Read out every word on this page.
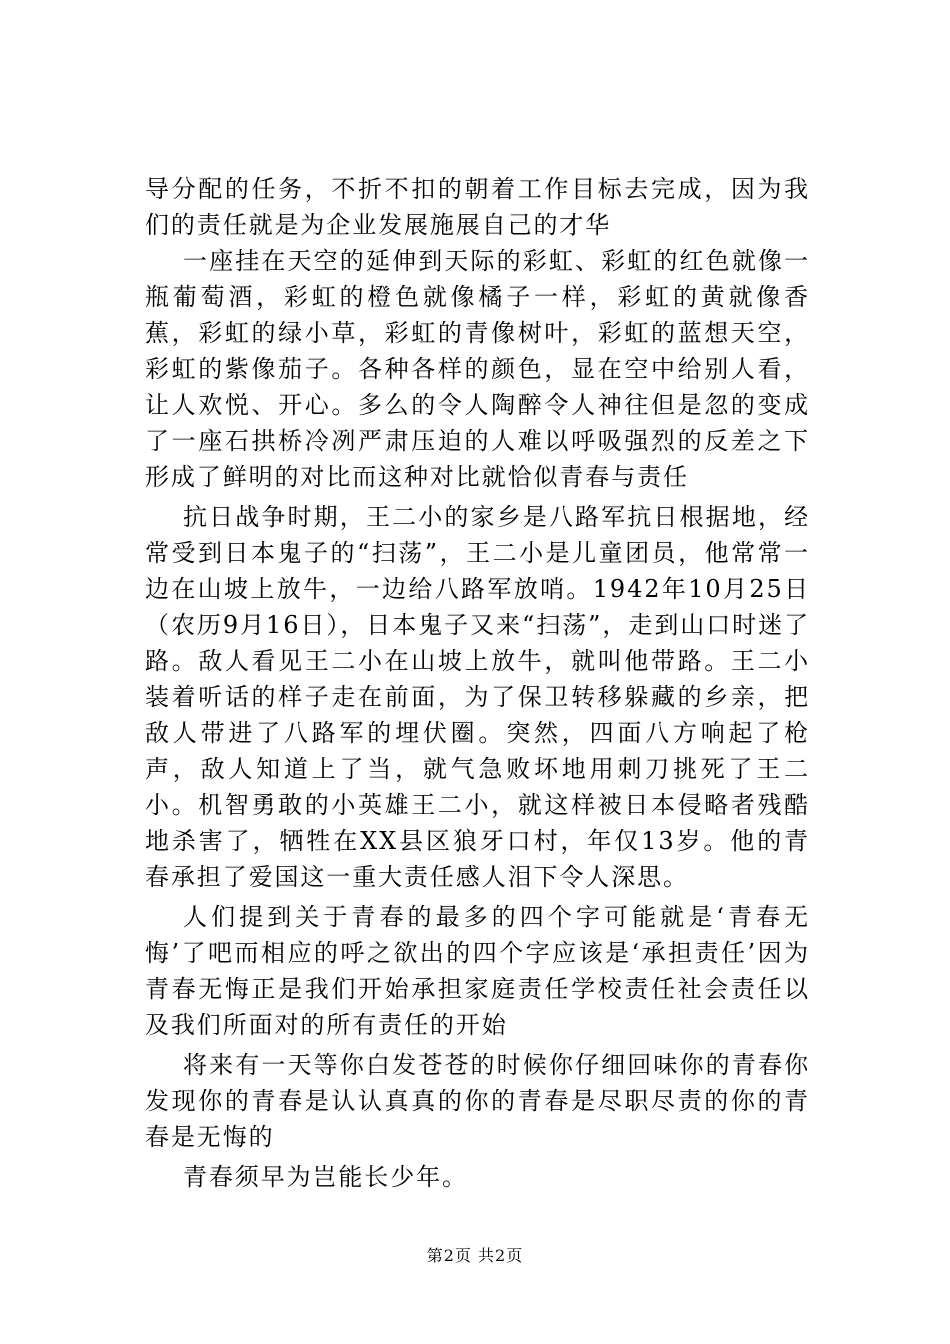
导分配的任务，不折不扣的朝着工作目标去完成，因为我们的责任就是为企业发展施展自己的才华

一座挂在天空的延伸到天际的彩虹、彩虹的红色就像一瓶葡萄酒，彩虹的橙色就像橘子一样，彩虹的黄就像香蕉，彩虹的绿小草，彩虹的青像树叶，彩虹的蓝想天空，彩虹的紫像茄子。各种各样的颜色，显在空中给别人看，让人欢悦、开心。多么的令人陶醉令人神往但是忽的变成了一座石拱桥冷冽严肃压迫的人难以呼吸强烈的反差之下形成了鲜明的对比而这种对比就恰似青春与责任

抗日战争时期，王二小的家乡是八路军抗日根据地，经常受到日本鬼子的“扫荡”，王二小是儿童团员，他常常一边在山坡上放牛，一边给八路军放哨。1942年10月25日（农历9月16日），日本鬼子又来“扫荡”，走到山口时迷了路。敌人看见王二小在山坡上放牛，就叫他带路。王二小装着听话的样子走在前面，为了保卫转移躲藏的乡亲，把敌人带进了八路军的埋伏圈。突然，四面八方响起了枪声，敌人知道上了当，就气急败坏地用刺刀挑死了王二小。机智勇敢的小英雄王二小，就这样被日本侵略者残酷地杀害了，牺牲在XX县区狼牙口村，年仅13岁。他的青春承担了爱国这一重大责任感人泪下令人深思。

人们提到关于青春的最多的四个字可能就是‘青春无悔’了吧而相应的呼之欲出的四个字应该是‘承担责任’因为青春无悔正是我们开始承担家庭责任学校责任社会责任以及我们所面对的所有责任的开始

将来有一天等你白发苍苍的时候你仔细回味你的青春你发现你的青春是认认真真的你的青春是尽职尽责的你的青春是无悔的

青春须早为岂能长少年。

第2页 共2页
